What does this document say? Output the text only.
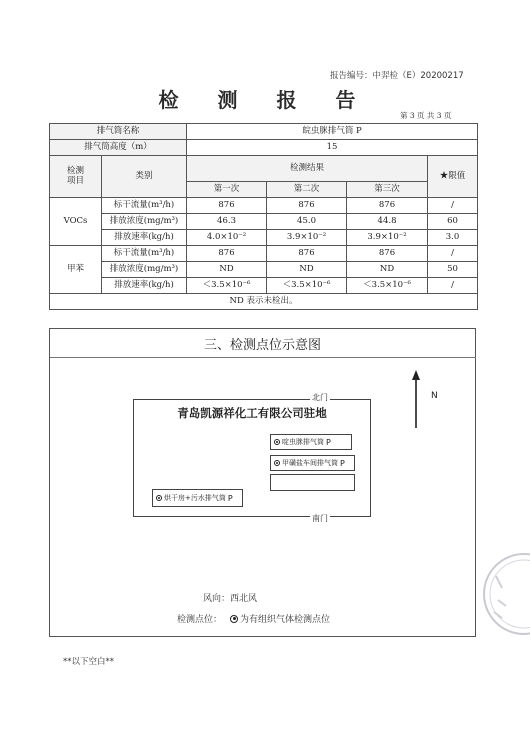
报告编号：中羿检（E）20200217
检 测 报 告
第 3 页 共 3 页
排气筒名称		皖虫脒排气筒 P			
排气筒高度（m）		15			
检测
项目	类别	检测结果			★限值
		第一次	第二次	第三次	
VOCs	标干流量(m³/h)	876	876	876	/
	排放浓度(mg/m³)	46.3	45.0	44.8	60
	排放速率(kg/h)	4.0×10⁻²	3.9×10⁻²	3.9×10⁻²	3.0
甲苯	标干流量(m³/h)	876	876	876	/
	排放浓度(mg/m³)	ND	ND	ND	50
	排放速率(kg/h)	＜3.5×10⁻⁶	＜3.5×10⁻⁶	＜3.5×10⁻⁶	/
ND 表示未检出。					
三、检测点位示意图
北门
南门
青岛凯源祥化工有限公司驻地
啶虫脒排气筒 P
甲磺盐车间排气筒 P
烘干房+污水排气筒 P
N
风向：西北风
检测点位： 为有组织气体检测点位
**以下空白**
